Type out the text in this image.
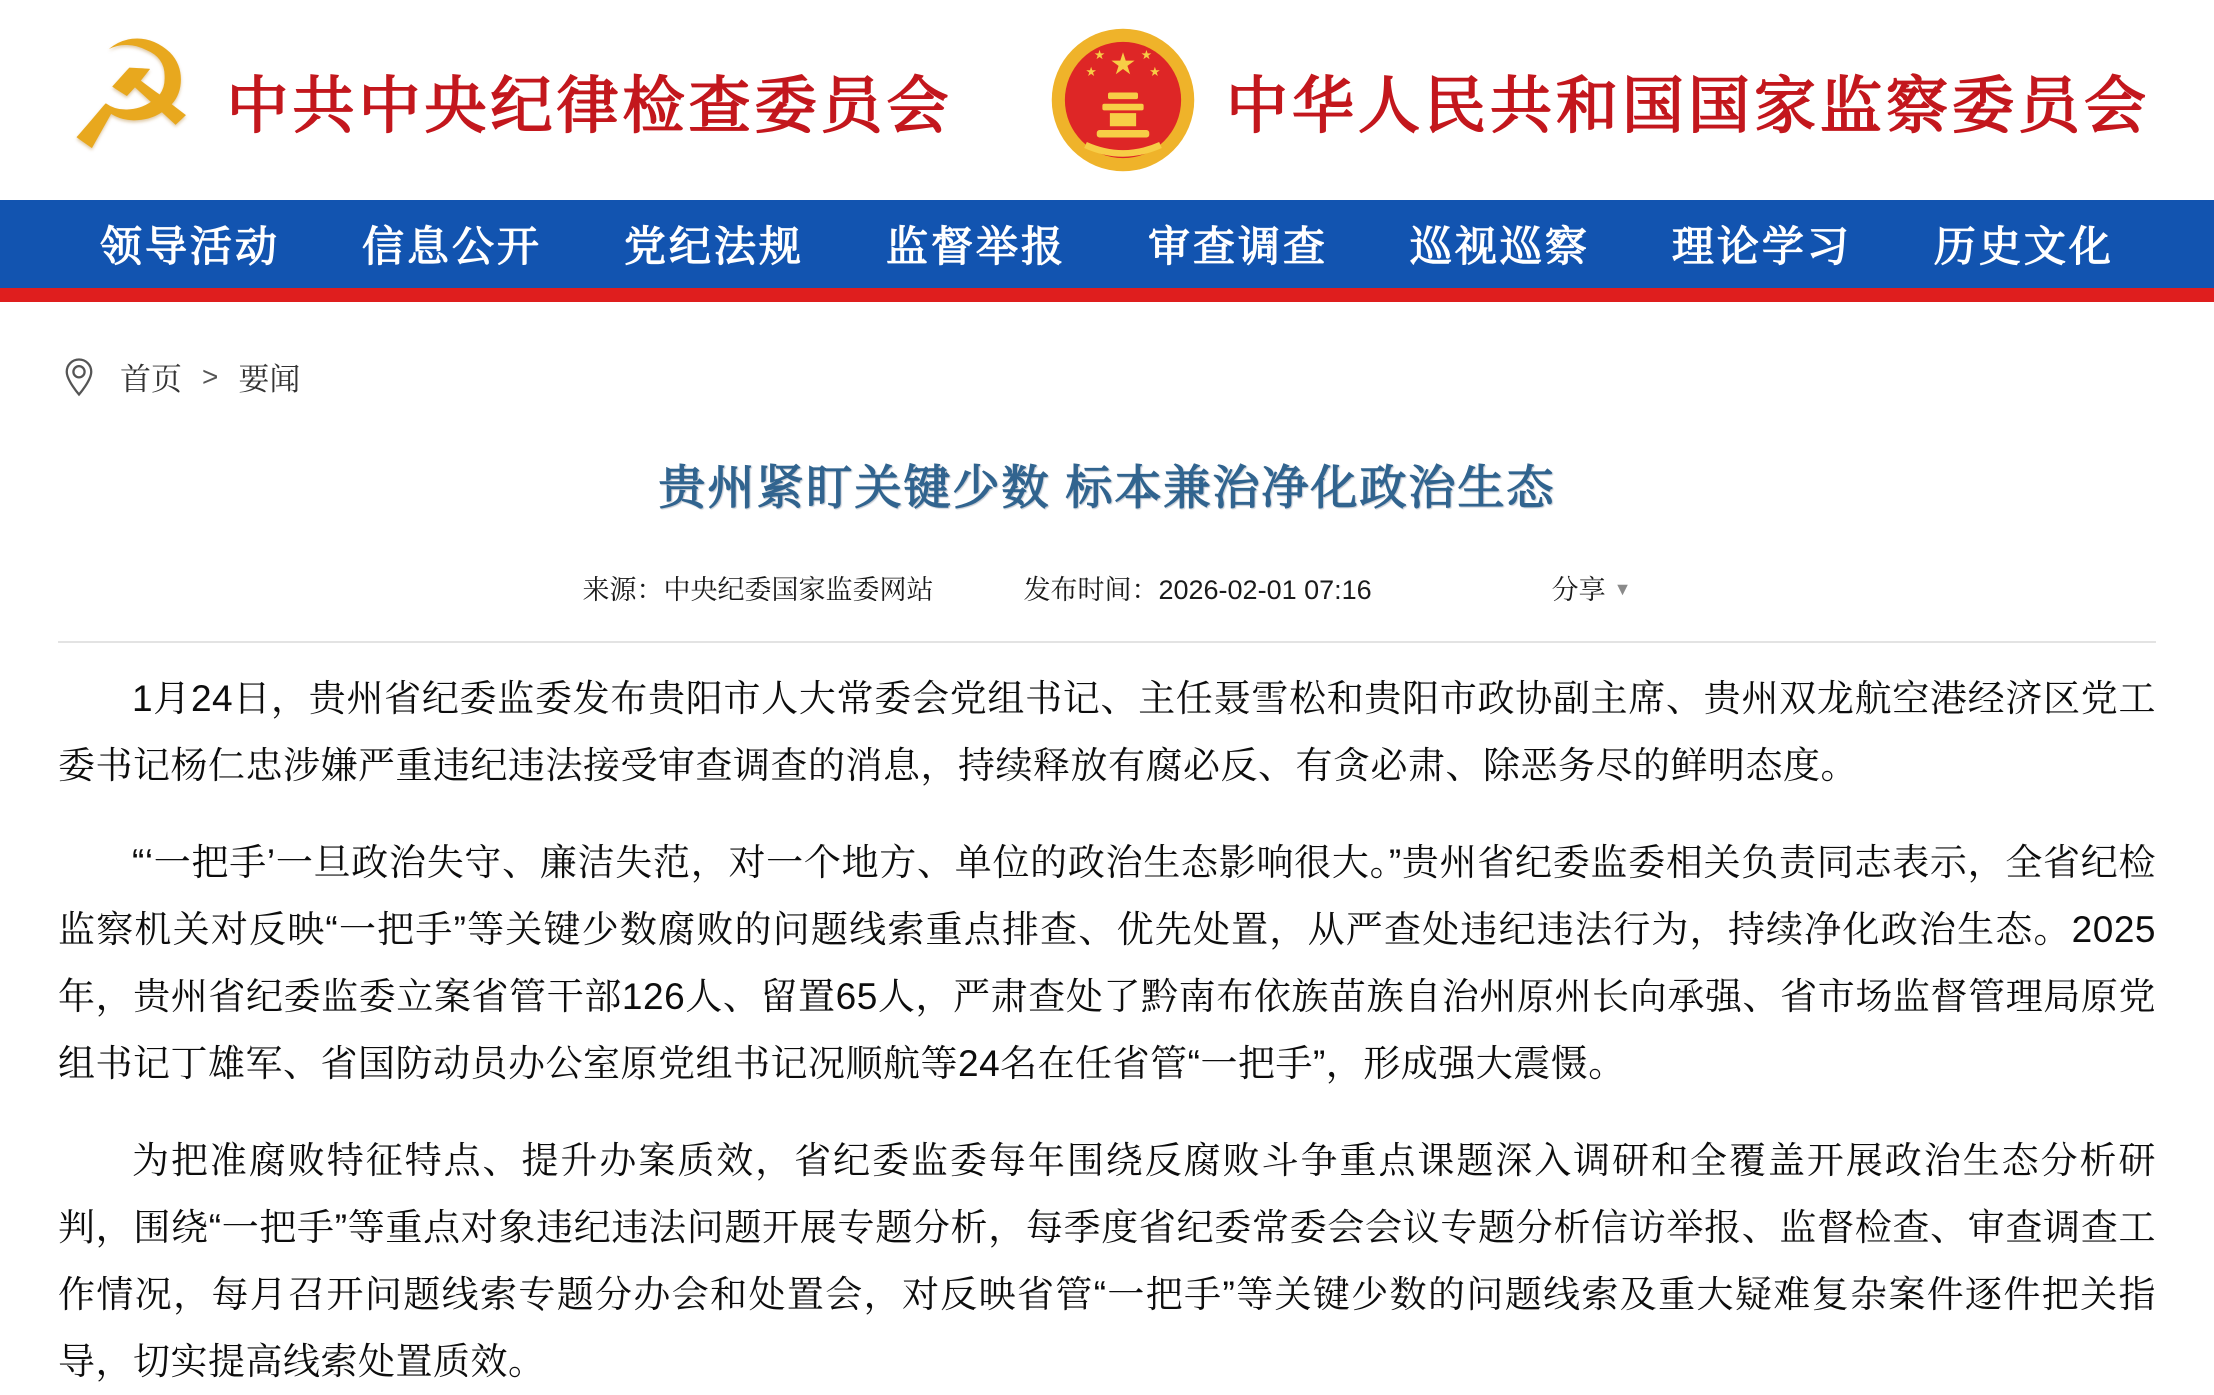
☭ 中共中央纪律检查委员会	中华人民共和国国家监察委员会
领导活动 信息公开 党纪法规 监督举报 审查调查 巡视巡察 理论学习 历史文化
首页 > 要闻
贵州紧盯关键少数 标本兼治净化政治生态
来源：中央纪委国家监委网站	发布时间：2026-02-01 07:16	分享 ▼

1月24日，贵州省纪委监委发布贵阳市人大常委会党组书记、主任聂雪松和贵阳市政协副主席、贵州双龙航空港经济区党工委书记杨仁忠涉嫌严重违纪违法接受审查调查的消息，持续释放有腐必反、有贪必肃、除恶务尽的鲜明态度。

“‘一把手’一旦政治失守、廉洁失范，对一个地方、单位的政治生态影响很大。”贵州省纪委监委相关负责同志表示，全省纪检监察机关对反映“一把手”等关键少数腐败的问题线索重点排查、优先处置，从严查处违纪违法行为，持续净化政治生态。2025年，贵州省纪委监委立案省管干部126人、留置65人，严肃查处了黔南布依族苗族自治州原州长向承强、省市场监督管理局原党组书记丁雄军、省国防动员办公室原党组书记况顺航等24名在任省管“一把手”，形成强大震慑。

为把准腐败特征特点、提升办案质效，省纪委监委每年围绕反腐败斗争重点课题深入调研和全覆盖开展政治生态分析研判，围绕“一把手”等重点对象违纪违法问题开展专题分析，每季度省纪委常委会会议专题分析信访举报、监督检查、审查调查工作情况，每月召开问题线索专题分办会和处置会，对反映省管“一把手”等关键少数的问题线索及重大疑难复杂案件逐件把关指导，切实提高线索处置质效。
